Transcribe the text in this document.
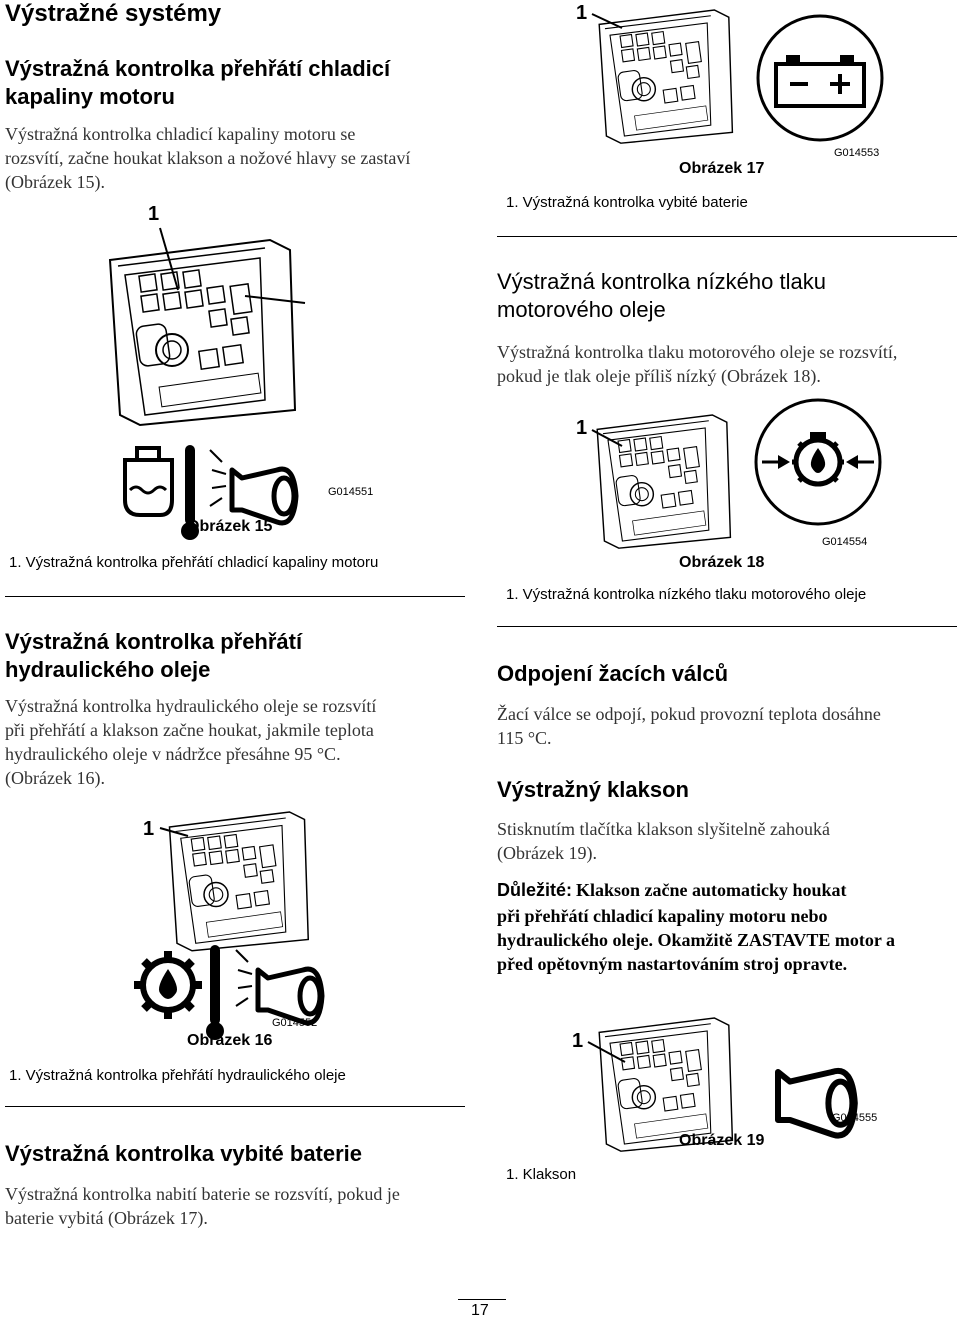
Výstražné systémy
Výstražná kontrolka přehřátí chladicí
kapaliny motoru
Výstražná kontrolka chladicí kapaliny motoru se
rozsvítí, začne houkat klakson a nožové hlavy se zastaví
(Obrázek 15).
1
G014551
Obrázek 15
1. Výstražná kontrolka přehřátí chladicí kapaliny motoru
Výstražná kontrolka přehřátí
hydraulického oleje
Výstražná kontrolka hydraulického oleje se rozsvítí
při přehřátí a klakson začne houkat, jakmile teplota
hydraulického oleje v nádržce přesáhne 95 °C.
(Obrázek 16).
1
G014552
Obrázek 16
1. Výstražná kontrolka přehřátí hydraulického oleje
Výstražná kontrolka vybité baterie
Výstražná kontrolka nabití baterie se rozsvítí, pokud je
baterie vybitá (Obrázek 17).
1
Obrázek 17
G014553
1. Výstražná kontrolka vybité baterie
Výstražná kontrolka nízkého tlaku
motorového oleje
Výstražná kontrolka tlaku motorového oleje se rozsvítí,
pokud je tlak oleje příliš nízký (Obrázek 18).
1
G014554
Obrázek 18
1. Výstražná kontrolka nízkého tlaku motorového oleje
Odpojení žacích válců
Žací válce se odpojí, pokud provozní teplota dosáhne
115 °C.
Výstražný klakson
Stisknutím tlačítka klakson slyšitelně zahouká
(Obrázek 19).
Důležité: Klakson začne automaticky houkat
při přehřátí chladicí kapaliny motoru nebo
hydraulického oleje. Okamžitě ZASTAVTE motor a
před opětovným nastartováním stroj opravte.
1
G014555
Obrázek 19
1. Klakson
17
